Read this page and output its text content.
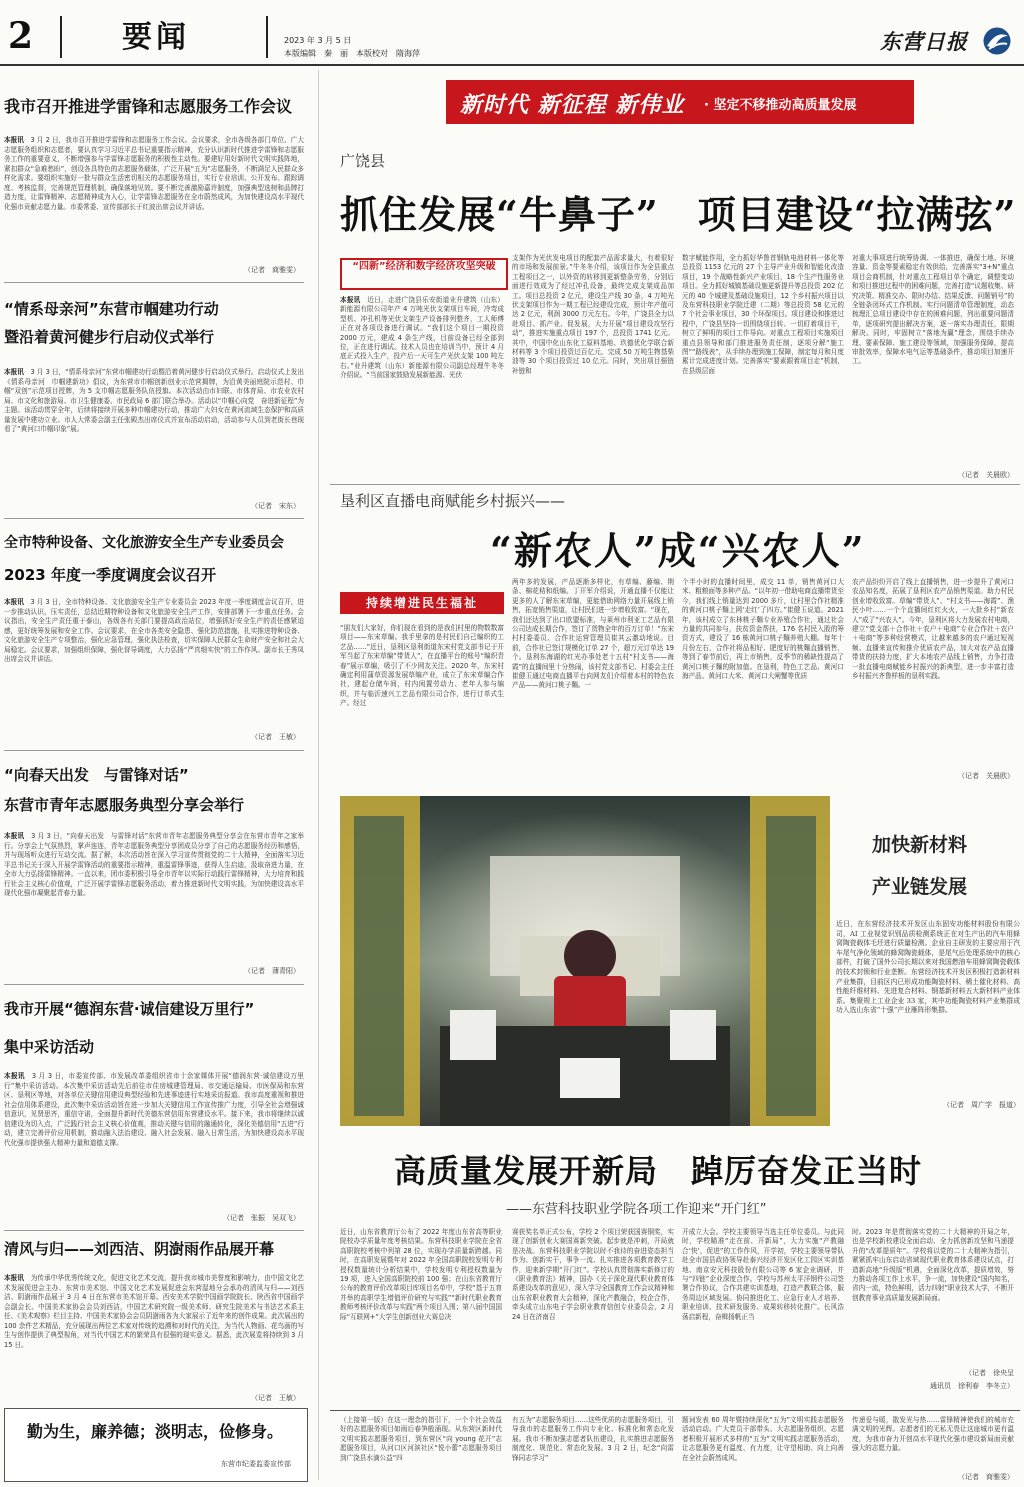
2	要闻	2023 年 3 月 5 日
本版编辑　秦　丽　本版校对　隋海萍	东营日报
我市召开推进学雷锋和志愿服务工作会议
本报讯　 3 月 2 日，我市召开推进学雷锋和志愿服务工作会议。会议要求，全市各级各部门单位、广大志愿服务组织和志愿者，要认真学习习近平总书记重要指示精神，充分认识新时代推进学雷锋和志愿服务工作的重要意义，不断增强参与学雷锋志愿服务的积极性主动性。要建好用好新时代文明实践阵地，紧扣群众“急难愁盼”，创设各具特色的志愿服务载体，广泛开展“五为”志愿服务，不断满足人民群众多样化需求。要组织实施好一批与群众生活密切相关的志愿服务项目，实行专业培训、公开发布、跟踪调度、考核监督，完善规范管理机制，确保落地见效。要不断完善激励嘉许制度，加强典型选树和品牌打造力度，让雷锋精神、志愿精神成为人心，让学雷锋志愿服务在全市蔚然成风，为加快建设高水平现代化强市贡献志愿力量。市委常委、宣传部部长于红波出席会议并讲话。
（记者　商雅雯）
“情系母亲河”东营市帼建功行动
暨沿着黄河健步行启动仪式举行
本报讯　 3 月 3 日，“情系母亲河”东营市帼建功行动暨沿着黄河健步行启动仪式举行。启动仪式上发出《情系母亲河　巾帼建新功》倡议，为东营市巾帼创新创业示范营揭牌，为沿黄美丽庭院示范村、巾帼“双创”示范项目授牌，为 5 支巾帼志愿服务队伍授旗。本次活动由市妇联、市体育局、市农业农村局、市文化和旅游局、市卫生健康委、市民政局 6 部门联合举办。活动以“巾帼心向党　奋进新征程”为主题。该活动贯穿全年，后续将接续开展多种巾帼建功行动，推动广大妇女在黄河流域生态保护和高质量发展中建功立业。市人大常委会副主任张殿杰出席仪式并宣布活动启动，活动参与人员到老街长巷现看了“黄河口巾帼印象”展。
（记者　宋东）
全市特种设备、文化旅游安全生产专业委员会
2023 年度一季度调度会议召开
本报讯　 3 月 3 日，全市特种设备、文化旅游安全生产专业委员会 2023 年度一季度调度会议召开，进一步推动认识，压实责任，总结近期特种设备和文化旅游安全生产工作，安排部署下一步重点任务。会议指出，安全生产责任重于泰山，各级各有关部门要提高政治站位，增强抓好安全生产的责任感紧迫感，更好统筹发展和安全工作。会议要求，在全市各类安全隐患、强化防范措施，扎实推进特种设备、文化旅游安全生产专项整治，强化应急管理，强化执法检查，切实保障人民群众生命财产安全和社会大局稳定。会议要求，加强组织保障，强化督导调度，大力弘扬“严真细实快”的工作作风。副市长王秀凤出席会议并讲话。
（记者　王敏）
“向春天出发　与雷锋对话”
东营市青年志愿服务典型分享会举行
本报讯　 3 月 3 日，“向春天出发　与雷锋对话”东营市青年志愿服务典型分享会在东营市青年之家举行。分享会上气氛热烈，掌声连连，青年志愿服务典型分享团成员分享了自己的志愿服务经历和感悟，并与现场听众进行互动交流。据了解，本次活动旨在深入学习宣传贯彻党的二十大精神，全面落实习近平总书记关于深入开展学雷锋活动的重要指示精神，重温雷锋事迹，获得人生启迪，汲取奋进力量，在全市大力弘扬雷锋精神。一直以来，团市委积极引导全市青年以实际行动践行雷锋精神，大力培育和践行社会主义核心价值观，广泛开展学雷锋志愿服务活动，着力推进新时代文明实践，为加快建设高水平现代化强市凝聚起青春力量。
（记者　薄青阳）
我市开展“德润东营·诚信建设万里行”
集中采访活动
本报讯　 3 月 3 日，市委宣传部、市发展改革委组织省市十余家媒体开展“德润东营·诚信建设万里行”集中采访活动。本次集中采访活动先后前往市住房城建管理局、市交通运输局、市医保局和东营区、垦利区等地，对各单位关键信用建设典型经验和先进事迹进行实地采访报道。我市高度重视和推进社会信用体系建设，此次集中采访活动旨在进一步加大关键信用工作宣传推广力度，引导全社会增强诚信意识，见贤思齐，重信守诺，全面提升新时代美德东营信用东营建设水平。接下来，我市将继续以诚信建设为切入点，广泛践行社会主义核心价值观，推动关键与信用的融通转化，深化美德信用“五进”行动，建立完善评价应用机制，推动融入法治建设、融入社会发展、融入日常生活，为加快建设高水平现代化强市提供强大精神力量和道德支撑。
（记者　张振　吴双飞）
清风与归——刘西洁、阴澍雨作品展开幕
本报讯　 为传承中华优秀传统文化，促进文化艺术交流，提升我市城市美誉度和影响力，由中国文化艺术发展促进会主办、东营市美术馆、中国文化艺术发展促进会东营湿地分会承办的清风与归——刘西洁、阴澍雨作品展于 3 月 4 日在东营市美术馆开幕。西安美术学院中国画学院院长、陕西省中国画学会副会长、中国美术家协会会员刘西洁，中国艺术研究院一级美术师、研究生院美术与书法艺术系主任、《美术观察》栏目主持、中国美术家协会会员阴澍雨各为大家展示了近年来的创作成果。此次展出的 100 余件艺术精品，充分展现出两位艺术家对传统的追溯和对时代的关注，为当代人物画、花鸟画的写生与创作提供了典型视角，对当代中国艺术的繁荣具有很强的现实意义。据悉，此次展览将持续到 3 月 15 日。
（记者　王敏）
勤为生，廉养德；淡明志，俭修身。
东营市纪委监委宣传部
新时代 新征程 新伟业 · 坚定不移推动高质量发展
广饶县
抓住发展“牛鼻子”　项目建设“拉满弦”
“四新”经济和数字经济攻坚突破
本报讯　 近日，走进广饶县乐安街道业升建筑（山东）新能源有限公司年产 4 万吨光伏支架项目车间，冷弯成型机、冲孔机等光伏支架生产设备排列整齐，工人师傅正在对各项设备进行调试。“我们这个项目一期投资 2000 万元，建成 4 条生产线，目前设备已经全部到位，正在进行调试。技术人员也在培训当中，预计 4 月底正式投入生产，投产后一天可生产光伏支架 100 吨左右。”业升建筑（山东）新能源有限公司副总经理牛冬冬介绍说。“当前国家鼓励发展新能源、光伏
支架作为光伏发电项目的配套产品需求量大，有着很好的市场和发展前景。”牛冬冬介绍，该项目作为全县重点工程项目之一，以外资的转移到更新整条劳务，分别后面进行效成为了经过冲孔设备，最终完成支架成品加工。项目总投资 2 亿元，建设生产线 30 条，4 万吨光伏支架项目作为一期工程已经建设完成，预计年产值可达 2 亿元，利润 3000 万元左右。今年，广饶县全力以赴项目、抓产业、促发展，大力开展“项目建设攻坚行动”，推进实施重点项目 197 个，总投资 1741 亿元。其中，中国中化山东化工原料基地、玖德优化学联合新材料等 3 个项目投资过百亿元，完成 50 万吨生物基柴油等 30 个项目投资过 10 亿元。同时，突出项目强链补链和
数字赋能作用，全力抓好华鲁首钢轨电池材料一体化等总投资 1153 亿元的 27 个主导产业升级和智能化改造项目，19 个战略性新兴产业项目，18 个生产性服务业项目。全力抓好城镇基础设施更新提升等总投资 202 亿元的 40 个城建及基础设施项目，12 个乡村振兴项目以及东营科技职业学院迁建（二期）等总投资 58 亿元的 7 个社会事业项目，30 个环保项目。项目建设和推进过程中，广饶县坚持一切围绕项目转、一切盯着项目干，树立了鲜明的项目工作导向。对重点工程项目实施项目重点县领导和部门推进服务责任制，逐项分解“施工图”“路线表”，从手续办理到施工保障，制定每月和月度累计完成进度计划。完善落实“要素跟着项目走”机制，在县级层面
对重大事项进行统筹协调、一体推进，确保土地、环境容量、资金等要素稳定有效供给，完善落实“3+N”重点项目会商机制，针对重点工程项目单个确定，调整变动和项目推进过程中的困难问题，完善打造“议题收集、研究决策、精准交办、限时办结、结果反馈、问题销号”的全链条闭环式工作机制。实行问题清单管理制度，动态梳理汇总项目建设中存在的困难问题，列出重要问题清单，逐项研究提出解决方案，逐一落实办理责任，限期解决。同时，牢固树立“落地为赢”理念，围绕手续办理、要素保障、施工建设等领域，加强服务保障，提高审批效率，保障水电气运等基础条件，推动项目加速开工。
（记者　关晨欧）
垦利区直播电商赋能乡村振兴——
“新农人”成“兴农人”
持续增进民生福祉
“朋友们大家好，你们现在看到的是我们村里的物数数富项目——东宋草编。我手里拿的是村民们自己编织的工艺品……”近日，垦利区垦利街道东宋村党支部书记于开军当起了东宋草编“带货人”，在直播平台的账号“编织青春”展示草编，吸引了不少网友关注。2020 年，东宋村确定利用蒲草资源发展草编产业，成立了东宋草编合作社，建起仓储车间，村内闲置劳动力、老年人参与编织，并与临沂速兴工艺品有限公司合作，进行订单式生产。经过
两年多的发展，产品逐渐多样化，有草编、藤编、荆条、棉花秸和纸编。丁开军介绍说，开通直播不仅能让更多的人了解东宋草编，更能借助网络力量开展线上销售，拓宽销售渠道，让村民们进一步增收致富。“现在，我们还达到了出口欧盟标准，与莱州市利亚工艺品有限公司达成长期合作，签订了货物全年的百万订单！”东宋村村委委员、合作社运营管理员崔其云激动地说。目前，合作社已签订规模化订单 27 个，超万元订单达 19 个。垦利东海湖的红光办事处老十五村“村支书——海霞”的直播间里十分热闹，该村党支部书记、村委会主任崔健玉通过电商直播平台向网友们介绍着本村的特色农产品——黄河口桃子麵。一
个半小时的直播时间里，成交 11 单，销售黄河口大米、粗粮面等多种产品。“以年初一借助电商直播带货至今，我们线上销量达到 2000 多斤，让村里合作社精准的黄河口桃子麵上网‘走红’了四方。”崔健玉说道。2021 年，该村成立了东林桃子麵专业养殖合作社，通过社会力量的共同参与，扶贫资金帮扶，176 名村民入股的筹资方式，建设了 16 栋黄河口桃子麵养殖大棚。每年十月份左右，合作社将品相好、肥度好的桃麵直播销售，等到了春节前后，再上市销售，反季节的稀缺性提高了黄河口桃子麵的附加值。在垦利，特色工艺品、黄河口海产品、黄河口大米、黄河口大闸蟹等优质
农产品纷纷开启了线上直播销售，进一步提升了黄河口农品知名度，拓展了垦利区农产品销售渠道。助力村民创业增收致富。草编“带货人”、“村支书——海霞”、渔民小叶……一个个直播间红红火火，一大批乡村“新农人”成了“兴农人”。今年，垦利区将大力发展农村电商，建立“党支部＋合作社＋农户＋电商”专业合作社＋农户＋电商”等多种经营模式，让越来越多的农户通过短视频、直播来宣传和推介优质农产品，加大对农产品直播带货的扶持力度，扩大本地农产品线上销售，力争打造一批直播电商赋能乡村振兴的新典型，进一步丰富打造乡村振兴齐鲁样板的垦利实践。
（记者　关晨欧）
加快新材料
产业链发展
近日，在东营经济技术开发区山东固安功能材料股份有限公司，AI 工业视觉识别品质检测系统正在对生产出的汽车用蜂窝陶瓷载体毛坯进行质量检测。企业自主研发的主要应用于汽车尾气净化领域的蜂窝陶瓷载体，是尾气后处理系统中的核心部件，打破了国外公司长期以来对我国燃油车用蜂窝陶瓷载体的技术封锁和行业垄断。东营经济技术开发区积极打造新材料产业集群，目前区内已形成功能陶瓷材料、稀土催化材料、高性能纤维材料、先进复合材料、钢基新材料五大新材料产业体系。集聚规上工业企业 33 家，其中功能陶瓷材料产业集群成功入选山东省“十强”产业雁阵形集群。
（记者　周广学　报道）
高质量发展开新局　踔厉奋发正当时
——东营科技职业学院各项工作迎来“开门红”
近日，山东省教育厅公布了 2022 年度山东省高等职业院校办学质量年度考核结果。东营科技职业学院在全省高职院校考核中列第 28 位，实现办学质量新跨越。同时，在高职发展暨年对 2022 年全国高职院校发明专利授权数量统计分析结果中，学校发明专利授权数量为 19 项，进入全国高职院校前 100 强；在山东省教育厅公布的教育评价改革项目库项目名单中，学校“基于五育并举的高职学生增值评价研究与实践”“新时代职业教育教师考核评价改革与实践”两个项目入围；第八届中国国际“互联网+”大学生创新创业大赛总决
赛获奖名单正式公布，学校 2 个项目荣获国赛铜奖，实现了创新创业大赛国赛新突破。起步就是冲刺，开局就是决战。东营科技职业学院以时不我待的奋进姿态担当作为、创新实干，事争一流、扎实推进各项教育教学工作，迎来新学期“开门红”。学校认真贯彻落实新修订的《职业教育法》精神，国办《关于深化现代职业教育体系建设改革的意见》，深入学习全国教育工作会议精神和山东省职业教育大会精神，深化产教融合，校企合作，牵头成立山东电子学会职业教育信创专业委员会，2 月 24 日在济南召
开成立大会。学校主要领导当选主任单位委员。与此同时，学校瞄准“走在前、开新局”，大力实施“产教融合‘快’，促进”的工作作风，开学初，学校主要领导带队赴全市国县政协领导赴泰兴经济开发区化工园区实训基地、南京安元科技股份有限公司等 6 家企业调研，并与“四链”企业深度合作。学校与苏州太平洋钢件公司签署合作协议，合作共建实训基地，打造产教联合体，服务周边区域发展。协同推进化工、应急行业人才培养、职业培训、技术研发服务、成果转移转化推广。长风浩荡启新程，奋楫扬帆正当
时。2023 年是贯彻落实党的二十大精神的开局之年，也是学校新校建设全面启动、全力抓创新攻坚和马递提升的“改革提质年”。学校将以党的二十大精神为指引，紧紧抓牢山东启动省域现代职业教育体系建设试点，打造新高地“升级版”机遇，全面深化改革，提质增效，努力推动各项工作上水平，争一流，加快建设“国内知名，省内一流，特色鲜明，活力四射”职业技术大学，不断开创教育事业高质量发展新局面。
（记者　徐央呈
通讯员　徐利春　李冬立）
（上接第一版）在这一理念的指引下，一个个社会效益好的志愿服务项目如雨后春笋般涌现。从东营区新时代文明实践志愿服务项目，到东营区“向 young 花开”志愿服务项目，从河口区河滨社区“悦小蕾”志愿服务项目到广饶县水滴公益“四
有五为”志愿服务项目……这些优质的志愿服务项目，引导我市的志愿服务工作向专业化、标准化和常态化发展。我市不断加强志愿者队伍建设，扎实推进志愿服务制度化、规范化、常态化发展。3 月 2 日，纪念“向雷锋同志学习”
题词发表 60 周年暨持续深化“五为”文明实践志愿服务活动启动。广大党员干部带头、大志愿服务组织、志愿者积极开展形式多样的“五为”文明实践志愿服务活动，让志愿服务更有温度、有力度，让守望相助、向上向善在全社会蔚然成风。
传递爱与暖，散发光与热……雷锋精神使我们的城市充满文明的光辉。志愿者们的无私无畏让这座城市更有温度，为我市奋力开创高水平现代化强市建设新局面贡献强大的志愿力量。
（记者　商雅雯）
